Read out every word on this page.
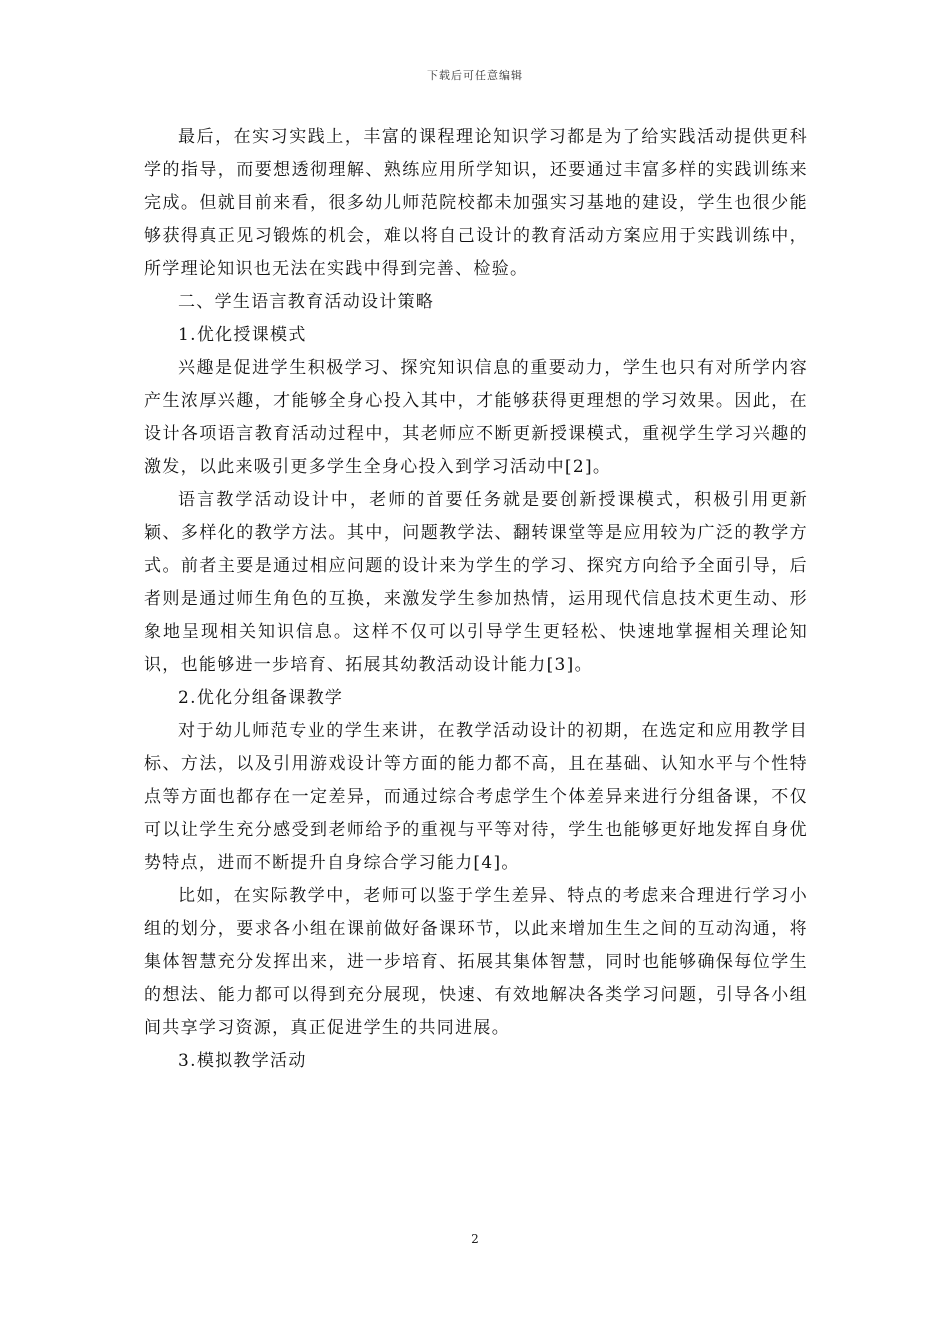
下载后可任意编辑

最后，在实习实践上，丰富的课程理论知识学习都是为了给实践活动提供更科学的指导，而要想透彻理解、熟练应用所学知识，还要通过丰富多样的实践训练来完成。但就目前来看，很多幼儿师范院校都未加强实习基地的建设，学生也很少能够获得真正见习锻炼的机会，难以将自己设计的教育活动方案应用于实践训练中，所学理论知识也无法在实践中得到完善、检验。

二、学生语言教育活动设计策略

1.优化授课模式

兴趣是促进学生积极学习、探究知识信息的重要动力，学生也只有对所学内容产生浓厚兴趣，才能够全身心投入其中，才能够获得更理想的学习效果。因此，在设计各项语言教育活动过程中，其老师应不断更新授课模式，重视学生学习兴趣的激发，以此来吸引更多学生全身心投入到学习活动中[2]。

语言教学活动设计中，老师的首要任务就是要创新授课模式，积极引用更新颖、多样化的教学方法。其中，问题教学法、翻转课堂等是应用较为广泛的教学方式。前者主要是通过相应问题的设计来为学生的学习、探究方向给予全面引导，后者则是通过师生角色的互换，来激发学生参加热情，运用现代信息技术更生动、形象地呈现相关知识信息。这样不仅可以引导学生更轻松、快速地掌握相关理论知识，也能够进一步培育、拓展其幼教活动设计能力[3]。

2.优化分组备课教学

对于幼儿师范专业的学生来讲，在教学活动设计的初期，在选定和应用教学目标、方法，以及引用游戏设计等方面的能力都不高，且在基础、认知水平与个性特点等方面也都存在一定差异，而通过综合考虑学生个体差异来进行分组备课，不仅可以让学生充分感受到老师给予的重视与平等对待，学生也能够更好地发挥自身优势特点，进而不断提升自身综合学习能力[4]。

比如，在实际教学中，老师可以鉴于学生差异、特点的考虑来合理进行学习小组的划分，要求各小组在课前做好备课环节，以此来增加生生之间的互动沟通，将集体智慧充分发挥出来，进一步培育、拓展其集体智慧，同时也能够确保每位学生的想法、能力都可以得到充分展现，快速、有效地解决各类学习问题，引导各小组间共享学习资源，真正促进学生的共同进展。

3.模拟教学活动

2
